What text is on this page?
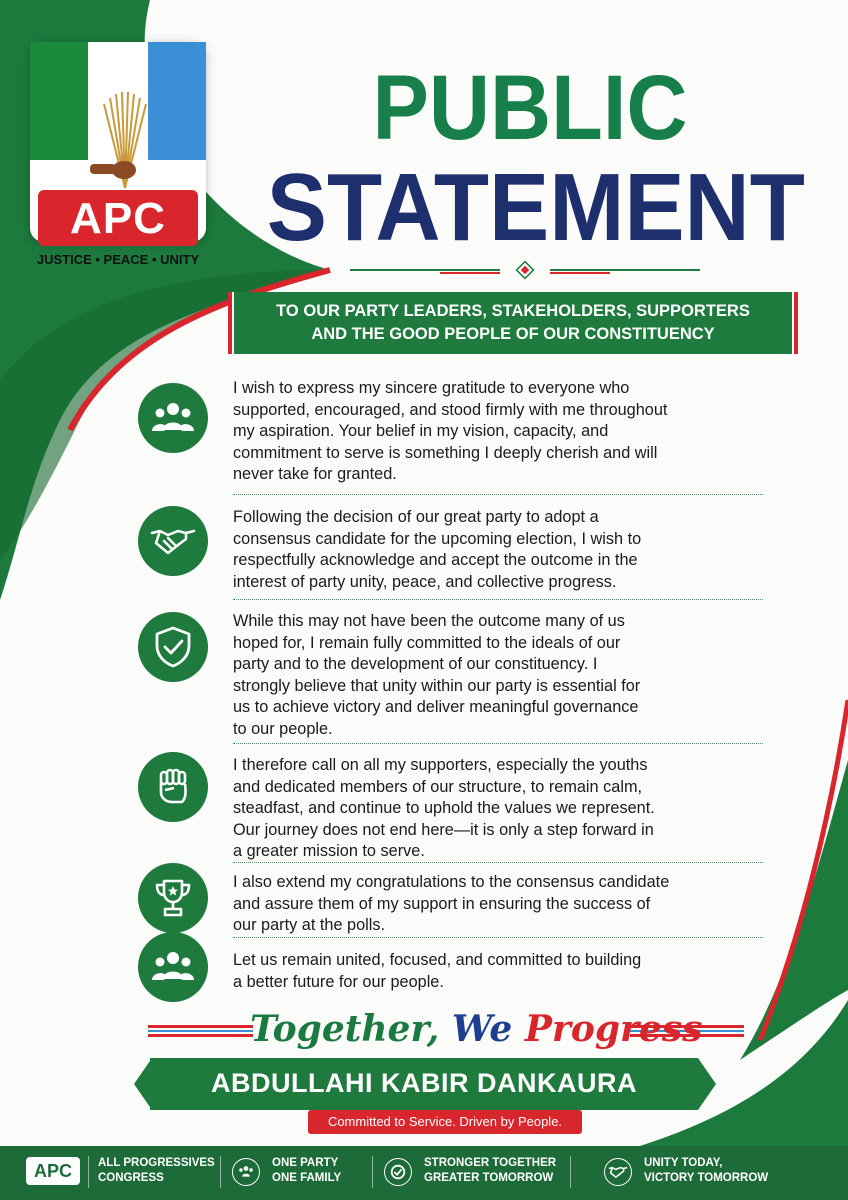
APC
JUSTICE • PEACE • UNITY
PUBLIC
STATEMENT
TO OUR PARTY LEADERS, STAKEHOLDERS, SUPPORTERS
AND THE GOOD PEOPLE OF OUR CONSTITUENCY
I wish to express my sincere gratitude to everyone who
supported, encouraged, and stood firmly with me throughout
my aspiration. Your belief in my vision, capacity, and
commitment to serve is something I deeply cherish and will
never take for granted.
Following the decision of our great party to adopt a
consensus candidate for the upcoming election, I wish to
respectfully acknowledge and accept the outcome in the
interest of party unity, peace, and collective progress.
While this may not have been the outcome many of us
hoped for, I remain fully committed to the ideals of our
party and to the development of our constituency. I
strongly believe that unity within our party is essential for
us to achieve victory and deliver meaningful governance
to our people.
I therefore call on all my supporters, especially the youths
and dedicated members of our structure, to remain calm,
steadfast, and continue to uphold the values we represent.
Our journey does not end here—it is only a step forward in
a greater mission to serve.
I also extend my congratulations to the consensus candidate
and assure them of my support in ensuring the success of
our party at the polls.
Let us remain united, focused, and committed to building
a better future for our people.
Together, We Progress
ABDULLAHI KABIR DANKAURA
Committed to Service. Driven by People.
APC	ALL PROGRESSIVES
CONGRESS
ONE PARTY
ONE FAMILY
STRONGER TOGETHER
GREATER TOMORROW
UNITY TODAY,
VICTORY TOMORROW
